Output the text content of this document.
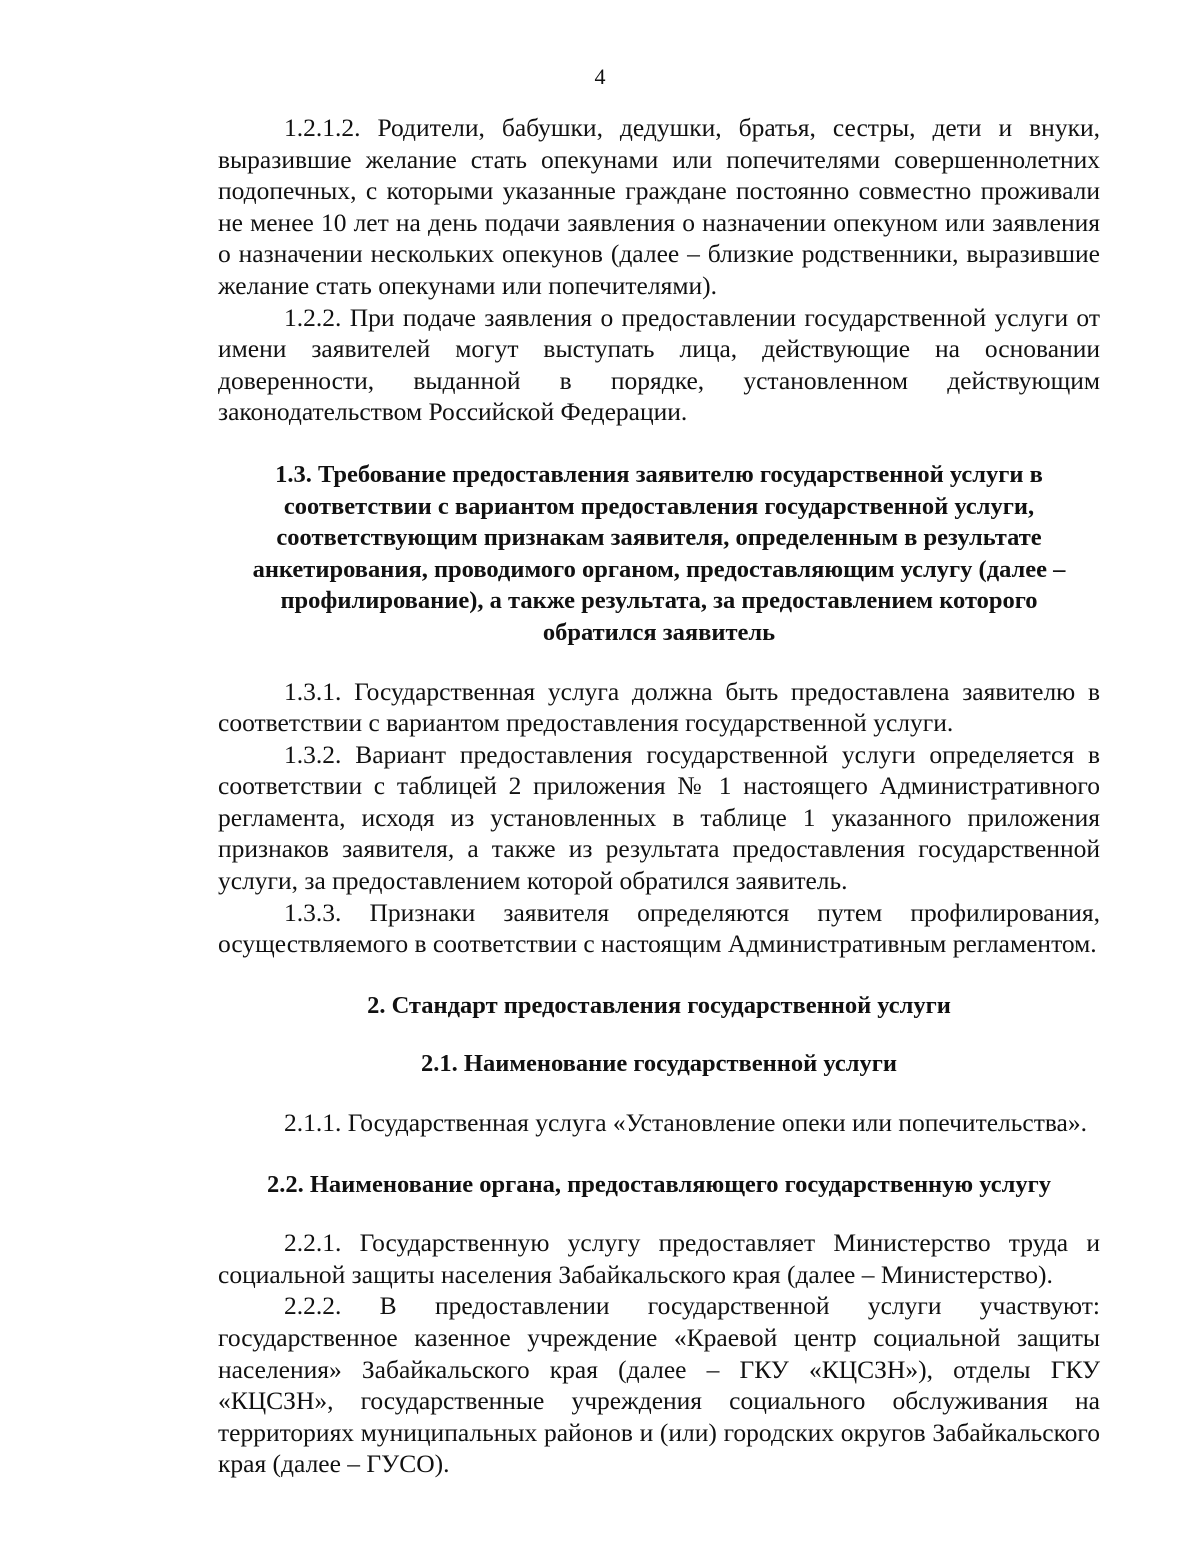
4

1.2.1.2. Родители, бабушки, дедушки, братья, сестры, дети и внуки, выразившие желание стать опекунами или попечителями совершеннолетних подопечных, с которыми указанные граждане постоянно совместно проживали не менее 10 лет на день подачи заявления о назначении опекуном или заявления о назначении нескольких опекунов (далее – близкие родственники, выразившие желание стать опекунами или попечителями).

1.2.2. При подаче заявления о предоставлении государственной услуги от имени заявителей могут выступать лица, действующие на основании доверенности, выданной в порядке, установленном действующим законодательством Российской Федерации.

1.3. Требование предоставления заявителю государственной услуги в соответствии с вариантом предоставления государственной услуги, соответствующим признакам заявителя, определенным в результате анкетирования, проводимого органом, предоставляющим услугу (далее – профилирование), а также результата, за предоставлением которого обратился заявитель

1.3.1. Государственная услуга должна быть предоставлена заявителю в соответствии с вариантом предоставления государственной услуги.

1.3.2. Вариант предоставления государственной услуги определяется в соответствии с таблицей 2 приложения № 1 настоящего Административного регламента, исходя из установленных в таблице 1 указанного приложения признаков заявителя, а также из результата предоставления государственной услуги, за предоставлением которой обратился заявитель.

1.3.3. Признаки заявителя определяются путем профилирования, осуществляемого в соответствии с настоящим Административным регламентом.

2. Стандарт предоставления государственной услуги
2.1. Наименование государственной услуги

2.1.1. Государственная услуга «Установление опеки или попечительства».

2.2. Наименование органа, предоставляющего государственную услугу

2.2.1. Государственную услугу предоставляет Министерство труда и социальной защиты населения Забайкальского края (далее – Министерство).

2.2.2. В предоставлении государственной услуги участвуют: государственное казенное учреждение «Краевой центр социальной защиты населения» Забайкальского края (далее – ГКУ «КЦСЗН»), отделы ГКУ «КЦСЗН», государственные учреждения социального обслуживания на территориях муниципальных районов и (или) городских округов Забайкальского края (далее – ГУСО).
